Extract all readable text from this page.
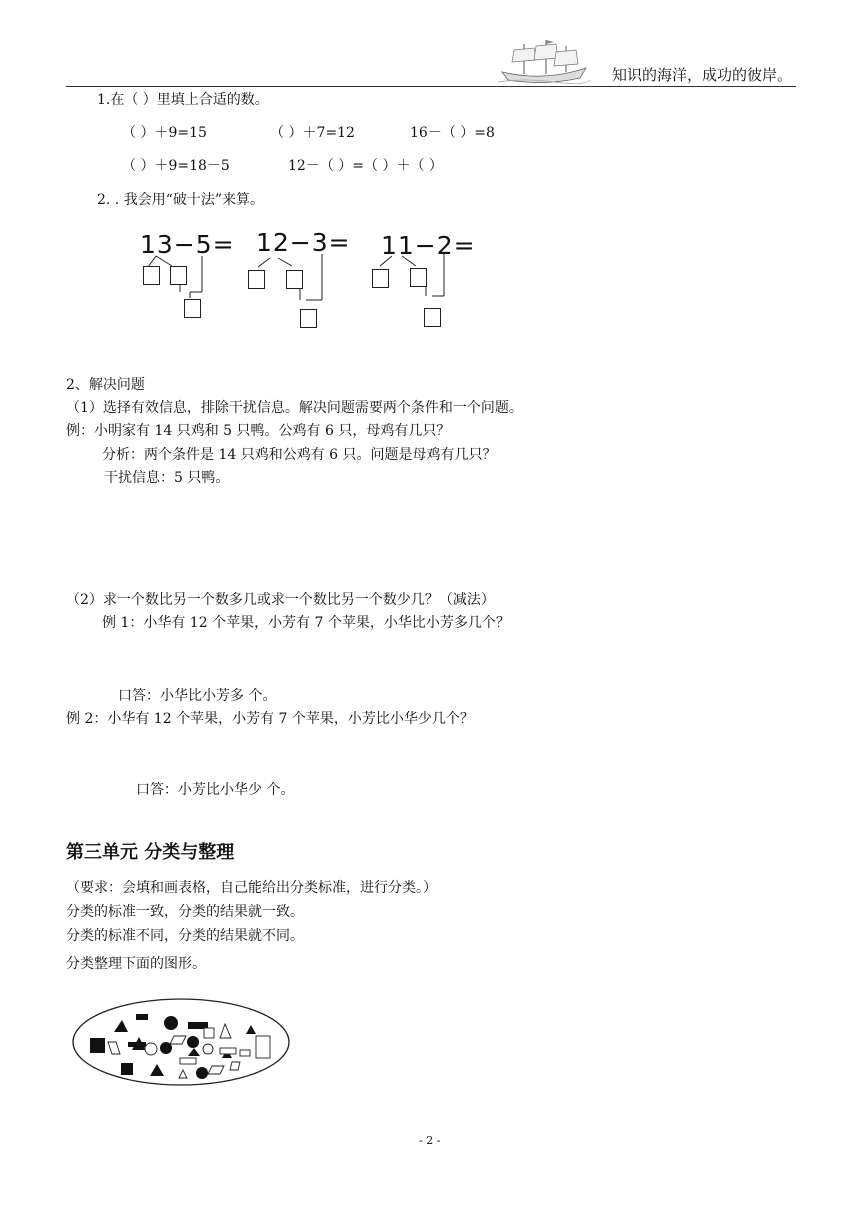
知识的海洋，成功的彼岸。
1.在（ ）里填上合适的数。
（ ）＋9=15	（ ）＋7=12	16－（ ）=8
（ ）＋9=18－5	12－（ ）=（ ）＋（ ）
2. . 我会用“破十法”来算。
13−5= 12−3= 11−2=
2、解决问题
（1）选择有效信息，排除干扰信息。解决问题需要两个条件和一个问题。
例：小明家有 14 只鸡和 5 只鸭。公鸡有 6 只，母鸡有几只？
分析：两个条件是 14 只鸡和公鸡有 6 只。问题是母鸡有几只？
干扰信息：5 只鸭。
（2）求一个数比另一个数多几或求一个数比另一个数少几？（减法）
例 1：小华有 12 个苹果，小芳有 7 个苹果，小华比小芳多几个？
口答：小华比小芳多 个。
例 2：小华有 12 个苹果，小芳有 7 个苹果，小芳比小华少几个？
口答：小芳比小华少 个。
第三单元 分类与整理
（要求：会填和画表格，自己能给出分类标准，进行分类。）
分类的标准一致，分类的结果就一致。
分类的标准不同，分类的结果就不同。
分类整理下面的图形。
- 2 -
